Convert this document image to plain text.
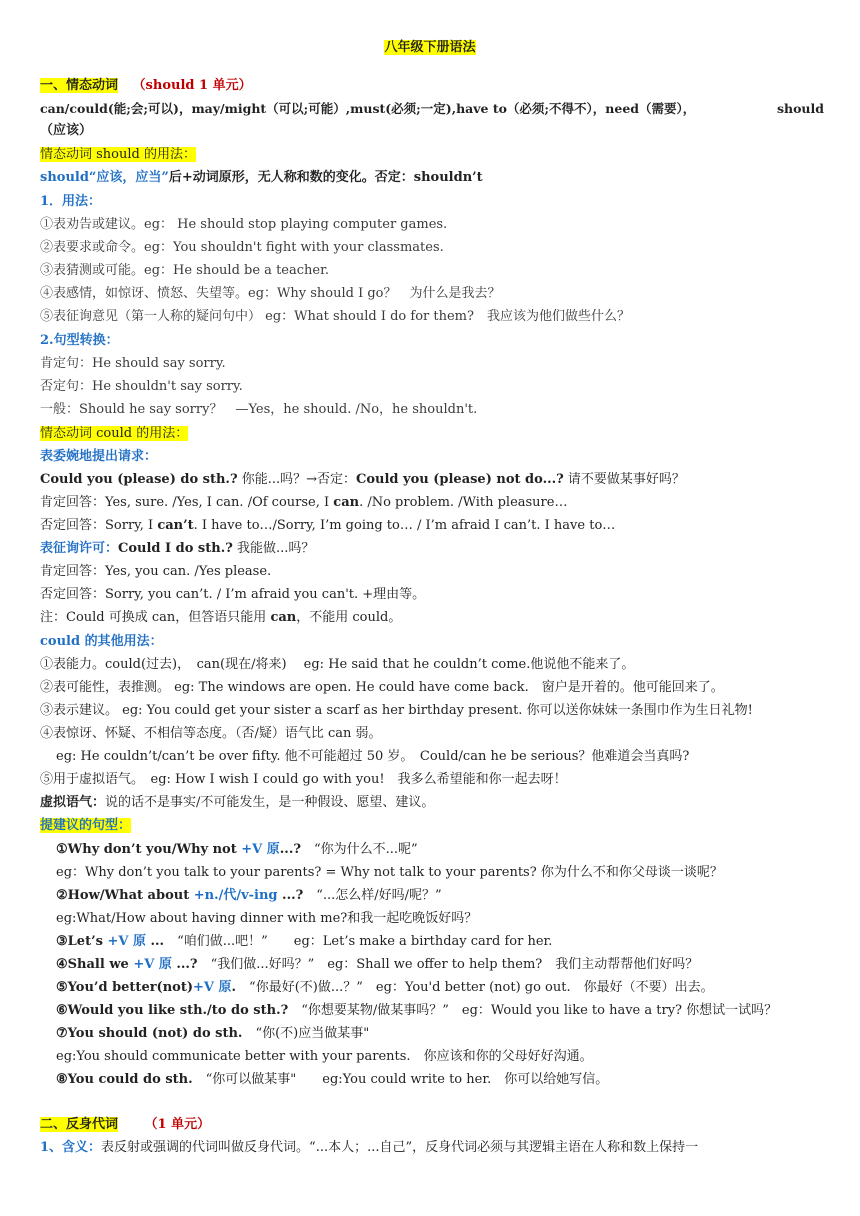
八年级下册语法
一、情态动词 （should 1 单元）
can/could(能;会;可以)，may/might（可以;可能）,must(必须;一定),have to（必须;不得不），need（需要），	should
（应该）
情态动词 should 的用法：
should“应该，应当”后+动词原形，无人称和数的变化。否定：shouldn’t
1．用法：
①表劝告或建议。eg： He should stop playing computer games.
②表要求或命令。eg：You shouldn't fight with your classmates.
③表猜测或可能。eg：He should be a teacher.
④表感情，如惊讶、愤怒、失望等。eg：Why should I go？　为什么是我去？
⑤表征询意见（第一人称的疑问句中） eg：What should I do for them?　我应该为他们做些什么？
2.句型转换：
肯定句：He should say sorry.
否定句：He shouldn't say sorry.
一般：Should he say sorry？　—Yes，he should. /No，he shouldn't.
情态动词 could 的用法：
表委婉地提出请求：
Could you (please) do sth.? 你能...吗？→否定：Could you (please) not do...? 请不要做某事好吗？
肯定回答：Yes, sure. /Yes, I can. /Of course, I can. /No problem. /With pleasure…
否定回答：Sorry, I can’t. I have to…/Sorry, I’m going to… / I’m afraid I can’t. I have to…
表征询许可：Could I do sth.? 我能做...吗？
肯定回答：Yes, you can. /Yes please.
否定回答：Sorry, you can’t. / I’m afraid you can't. +理由等。
注：Could 可换成 can，但答语只能用 can，不能用 could。
could 的其他用法：
①表能力。could(过去)，　can(现在/将来)　 eg: He said that he couldn’t come.他说他不能来了。
②表可能性，表推测。 eg: The windows are open. He could have come back.　窗户是开着的。他可能回来了。
③表示建议。 eg: You could get your sister a scarf as her birthday present. 你可以送你妹妹一条围巾作为生日礼物!
④表惊讶、怀疑、不相信等态度。（否/疑）语气比 can 弱。
eg: He couldn’t/can’t be over fifty. 他不可能超过 50 岁。　Could/can he be serious？他难道会当真吗?
⑤用于虚拟语气。　eg: How I wish I could go with you!　我多么希望能和你一起去呀！
虚拟语气：说的话不是事实/不可能发生，是一种假设、愿望、建议。
提建议的句型：
①Why don’t you/Why not +V 原...?　“你为什么不...呢”
eg：Why don’t you talk to your parents? = Why not talk to your parents? 你为什么不和你父母谈一谈呢？
②How/What about +n./代/v-ing ...?　“...怎么样/好吗/呢？”
eg:What/How about having dinner with me?和我一起吃晚饭好吗？
③Let’s +V 原 ...　“咱们做...吧！”　　eg：Let’s make a birthday card for her.
④Shall we +V 原 ...?　“我们做...好吗？”　eg：Shall we offer to help them?　我们主动帮帮他们好吗？
⑤You’d better(not)+V 原.　“你最好(不)做...？”　eg：You'd better (not) go out.　你最好（不要）出去。
⑥Would you like sth./to do sth.?　“你想要某物/做某事吗？”　eg：Would you like to have a try? 你想试一试吗？
⑦You should (not) do sth.　“你(不)应当做某事"
eg:You should communicate better with your parents.　你应该和你的父母好好沟通。
⑧You could do sth.　“你可以做某事"　　eg:You could write to her.　你可以给她写信。
二、反身代词 （1 单元）
1、含义：表反射或强调的代词叫做反身代词。“...本人；...自己”，反身代词必须与其逻辑主语在人称和数上保持一
